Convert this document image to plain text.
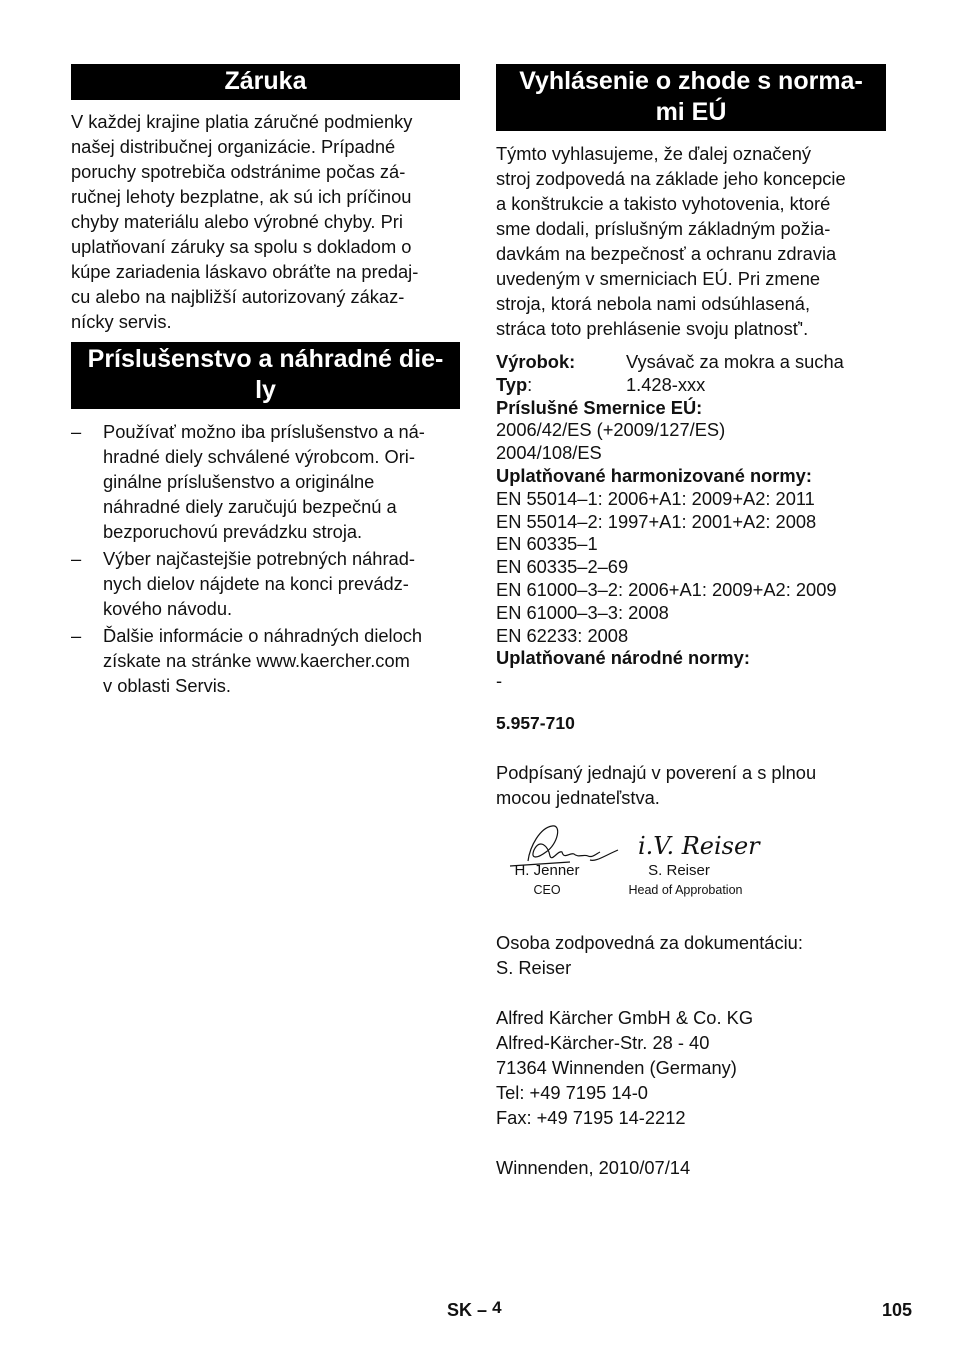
Záruka
V každej krajine platia záručné podmienky
našej distribučnej organizácie. Prípadné
poruchy spotrebiča odstránime počas zá-
ručnej lehoty bezplatne, ak sú ich príčinou
chyby materiálu alebo výrobné chyby. Pri
uplatňovaní záruky sa spolu s dokladom o
kúpe zariadenia láskavo obráťte na predaj-
cu alebo na najbližší autorizovaný zákaz-
nícky servis.
Príslušenstvo a náhradné die-
ly
– Používať možno iba príslušenstvo a ná-
hradné diely schválené výrobcom. Ori-
ginálne príslušenstvo a originálne
náhradné diely zaručujú bezpečnú a
bezporuchovú prevádzku stroja.
– Výber najčastejšie potrebných náhrad-
nych dielov nájdete na konci prevádz-
kového návodu.
– Ďalšie informácie o náhradných dieloch
získate na stránke www.kaercher.com
v oblasti Servis.
Vyhlásenie o zhode s norma-
mi EÚ
Týmto vyhlasujeme, že ďalej označený
stroj zodpovedá na základe jeho koncepcie
a konštrukcie a takisto vyhotovenia, ktoré
sme dodali, príslušným základným požia-
davkám na bezpečnosť a ochranu zdravia
uvedeným v smerniciach EÚ. Pri zmene
stroja, ktorá nebola nami odsúhlasená,
stráca toto prehlásenie svoju platnosť'.
Výrobok:	Vysávač za mokra a sucha
Typ:	1.428-xxx
Príslušné Smernice EÚ:
2006/42/ES (+2009/127/ES)
2004/108/ES
Uplatňované harmonizované normy:
EN 55014–1: 2006+A1: 2009+A2: 2011
EN 55014–2: 1997+A1: 2001+A2: 2008
EN 60335–1
EN 60335–2–69
EN 61000–3–2: 2006+A1: 2009+A2: 2009
EN 61000–3–3: 2008
EN 62233: 2008
Uplatňované národné normy:
-
5.957-710
Podpísaný jednajú v poverení a s plnou
mocou jednateľstva.
i.V. Reiser
H. Jenner
CEO
S. Reiser
Head of Approbation
Osoba zodpovedná za dokumentáciu:
S. Reiser
Alfred Kärcher GmbH & Co. KG
Alfred-Kärcher-Str. 28 - 40
71364 Winnenden (Germany)
Tel: +49 7195 14-0
Fax: +49 7195 14-2212
Winnenden, 2010/07/14
SK – 4	105
